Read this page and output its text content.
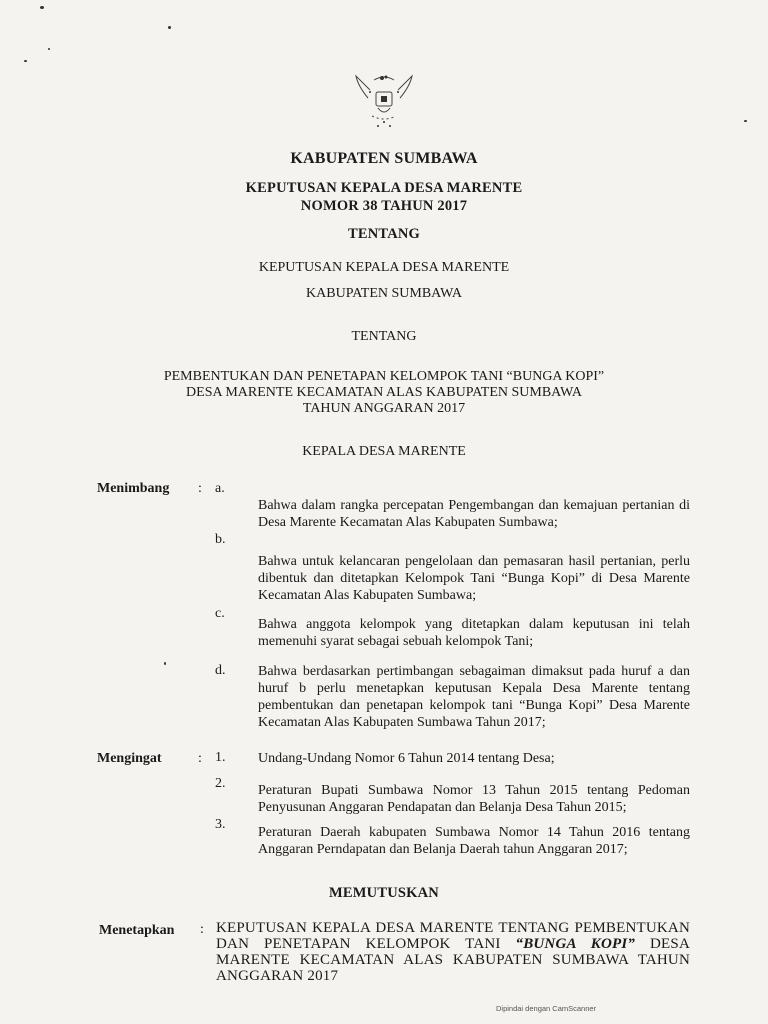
KABUPATEN SUMBAWA
KEPUTUSAN KEPALA DESA MARENTE
NOMOR 38 TAHUN 2017
TENTANG
KEPUTUSAN KEPALA DESA MARENTE
KABUPATEN SUMBAWA
TENTANG
PEMBENTUKAN DAN PENETAPAN KELOMPOK TANI “BUNGA KOPI”
DESA MARENTE KECAMATAN ALAS KABUPATEN SUMBAWA
TAHUN ANGGARAN 2017
KEPALA DESA MARENTE
Menimbang : a.
Bahwa dalam rangka percepatan Pengembangan dan kemajuan pertanian di Desa Marente Kecamatan Alas Kabupaten Sumbawa;
b.
Bahwa untuk kelancaran pengelolaan dan pemasaran hasil pertanian, perlu dibentuk dan ditetapkan Kelompok Tani “Bunga Kopi” di Desa Marente Kecamatan Alas Kabupaten Sumbawa;
c.
Bahwa anggota kelompok yang ditetapkan dalam keputusan ini telah memenuhi syarat sebagai sebuah kelompok Tani;
d. Bahwa berdasarkan pertimbangan sebagaiman dimaksut pada huruf a dan huruf b perlu menetapkan keputusan Kepala Desa Marente tentang pembentukan dan penetapan kelompok tani “Bunga Kopi” Desa Marente Kecamatan Alas Kabupaten Sumbawa Tahun 2017;
Mengingat	: 1. Undang-Undang Nomor 6 Tahun 2014 tentang Desa;
2. Peraturan Bupati Sumbawa Nomor 13 Tahun 2015 tentang Pedoman Penyusunan Anggaran Pendapatan dan Belanja Desa Tahun 2015;
3.
Peraturan Daerah kabupaten Sumbawa Nomor 14 Tahun 2016 tentang Anggaran Perndapatan dan Belanja Daerah tahun Anggaran 2017;
MEMUTUSKAN
Menetapkan : KEPUTUSAN KEPALA DESA MARENTE TENTANG PEMBENTUKAN DAN PENETAPAN KELOMPOK TANI “BUNGA KOPI” DESA MARENTE KECAMATAN ALAS KABUPATEN SUMBAWA TAHUN ANGGARAN 2017
Dipindai dengan CamScanner
